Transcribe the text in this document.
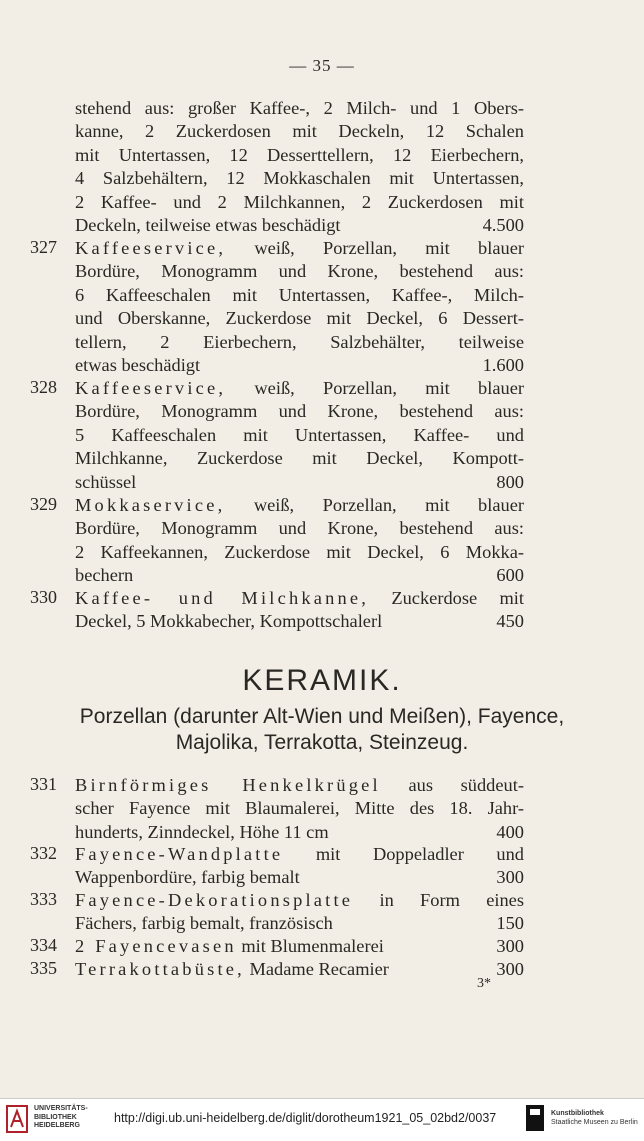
— 35 —
stehend aus: großer Kaffee-, 2 Milch- und 1 Obers-
kanne, 2 Zuckerdosen mit Deckeln, 12 Schalen
mit Untertassen, 12 Desserttellern, 12 Eierbechern,
4 Salzbehältern, 12 Mokkaschalen mit Untertassen,
2 Kaffee- und 2 Milchkannen, 2 Zuckerdosen mit
Deckeln, teilweise etwas beschädigt	4.500
327 Kaffeeservice, weiß, Porzellan, mit blauer
Bordüre, Monogramm und Krone, bestehend aus:
6 Kaffeeschalen mit Untertassen, Kaffee-, Milch-
und Oberskanne, Zuckerdose mit Deckel, 6 Dessert-
tellern, 2 Eierbechern, Salzbehälter, teilweise
etwas beschädigt	1.600
328 Kaffeeservice, weiß, Porzellan, mit blauer
Bordüre, Monogramm und Krone, bestehend aus:
5 Kaffeeschalen mit Untertassen, Kaffee- und
Milchkanne, Zuckerdose mit Deckel, Kompott-
schüssel	800
329 Mokkaservice, weiß, Porzellan, mit blauer
Bordüre, Monogramm und Krone, bestehend aus:
2 Kaffeekannen, Zuckerdose mit Deckel, 6 Mokka-
bechern	600
330 Kaffee- und Milchkanne, Zuckerdose mit
Deckel, 5 Mokkabecher, Kompottschalerl	450
KERAMIK.
Porzellan (darunter Alt-Wien und Meißen), Fayence,
Majolika, Terrakotta, Steinzeug.
331 Birnförmiges Henkelkrügel aus süddeut-
scher Fayence mit Blaumalerei, Mitte des 18. Jahr-
hunderts, Zinndeckel, Höhe 11 cm	400
332 Fayence-Wandplatte mit Doppeladler und
Wappenbordüre, farbig bemalt	300
333 Fayence-Dekorationsplatte in Form eines
Fächers, farbig bemalt, französisch	150
334 2 Fayencevasen mit Blumenmalerei	300
335 Terrakottabüste, Madame Recamier	300
3*
UNIVERSITÄTS-
BIBLIOTHEK
HEIDELBERG
http://digi.ub.uni-heidelberg.de/diglit/dorotheum1921_05_02bd2/0037	Kunstbibliothek
Staatliche Museen zu Berlin
